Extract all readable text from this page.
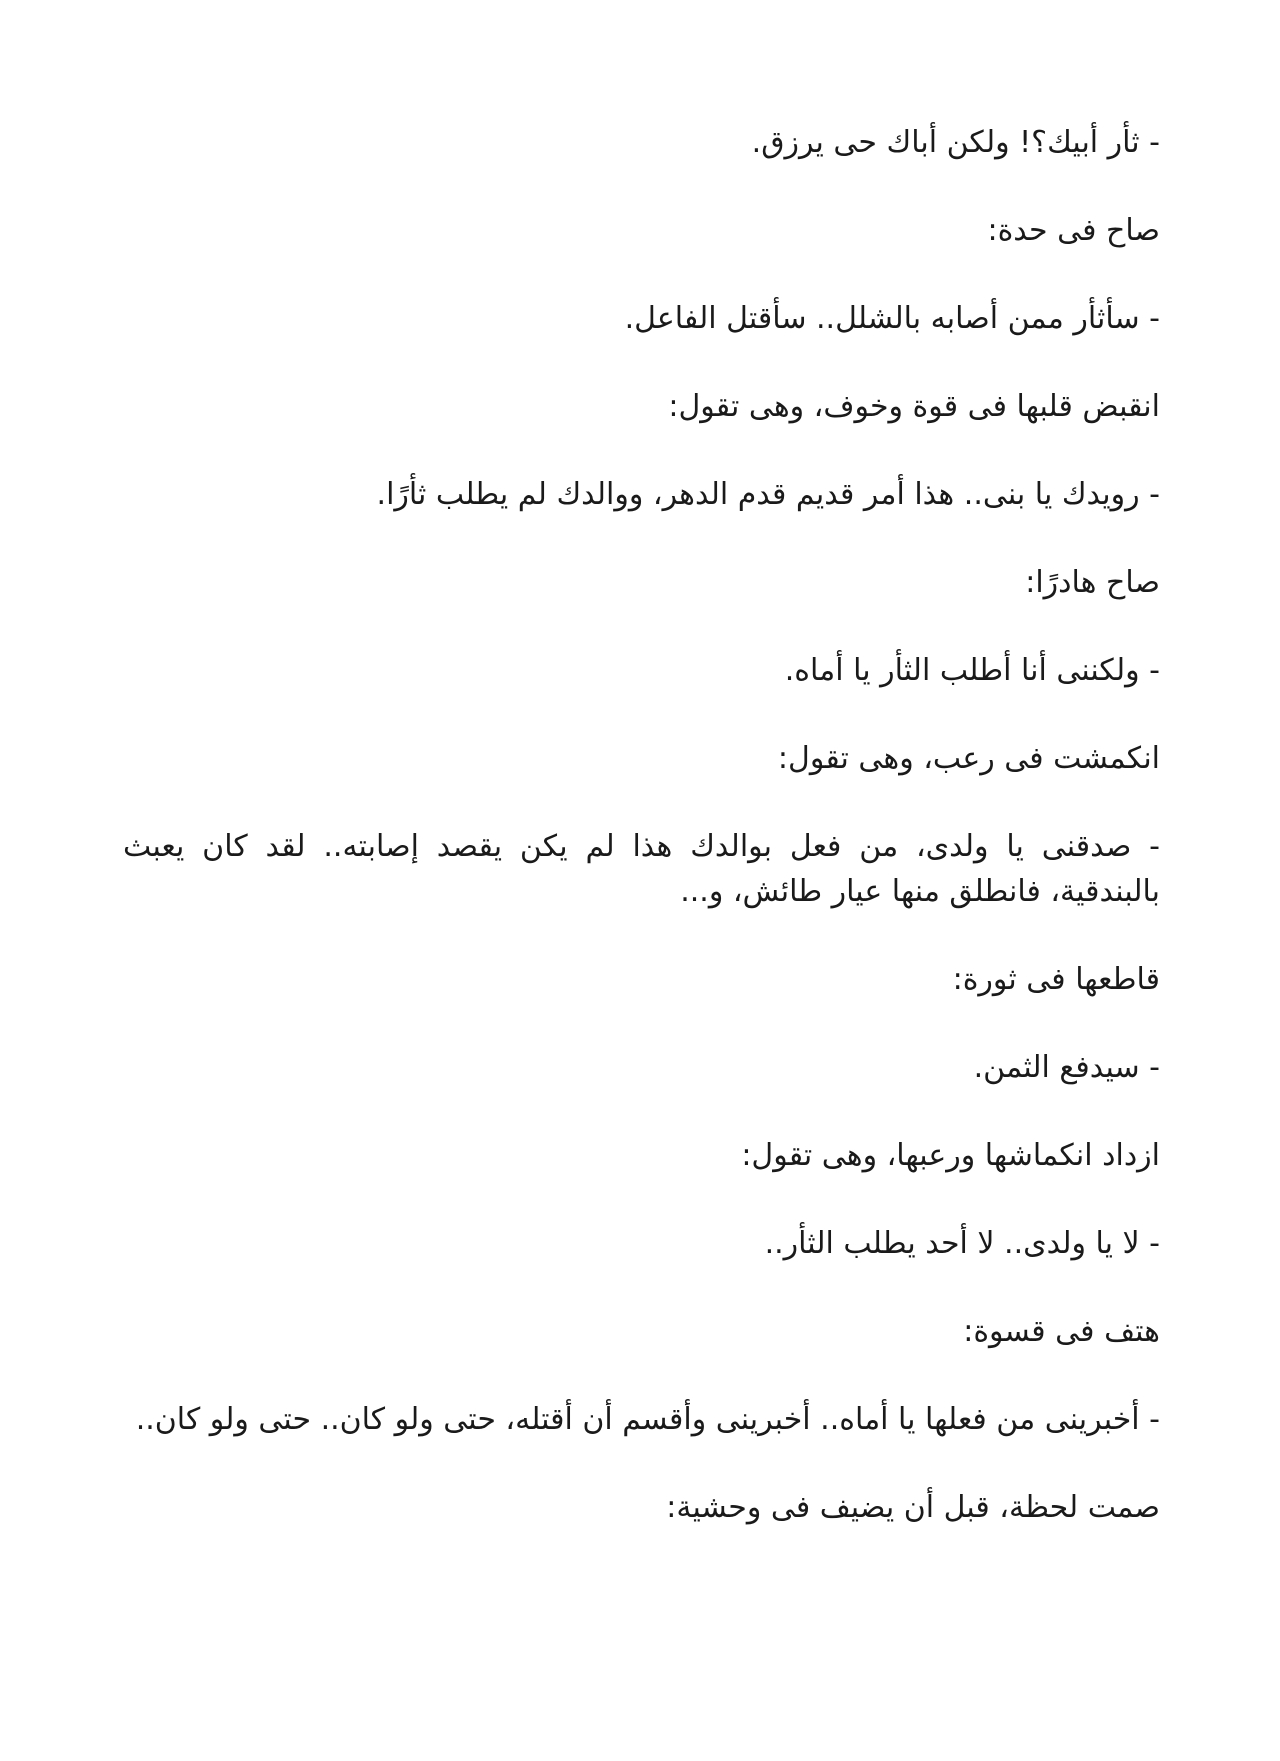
- ثأر أبيك؟! ولكن أباك حى يرزق.

صاح فى حدة:

- سأثأر ممن أصابه بالشلل.. سأقتل الفاعل.

انقبض قلبها فى قوة وخوف، وهى تقول:

- رويدك يا بنى.. هذا أمر قديم قدم الدهر، ووالدك لم يطلب ثأرًا.

صاح هادرًا:

- ولكننى أنا أطلب الثأر يا أماه.

انكمشت فى رعب، وهى تقول:

- صدقنى يا ولدى، من فعل بوالدك هذا لم يكن يقصد إصابته.. لقد كان يعبث بالبندقية، فانطلق منها عيار طائش، و...

قاطعها فى ثورة:

- سيدفع الثمن.

ازداد انكماشها ورعبها، وهى تقول:

- لا يا ولدى.. لا أحد يطلب الثأر..

هتف فى قسوة:

- أخبرينى من فعلها يا أماه.. أخبرينى وأقسم أن أقتله، حتى ولو كان.. حتى ولو كان..

صمت لحظة، قبل أن يضيف فى وحشية:
